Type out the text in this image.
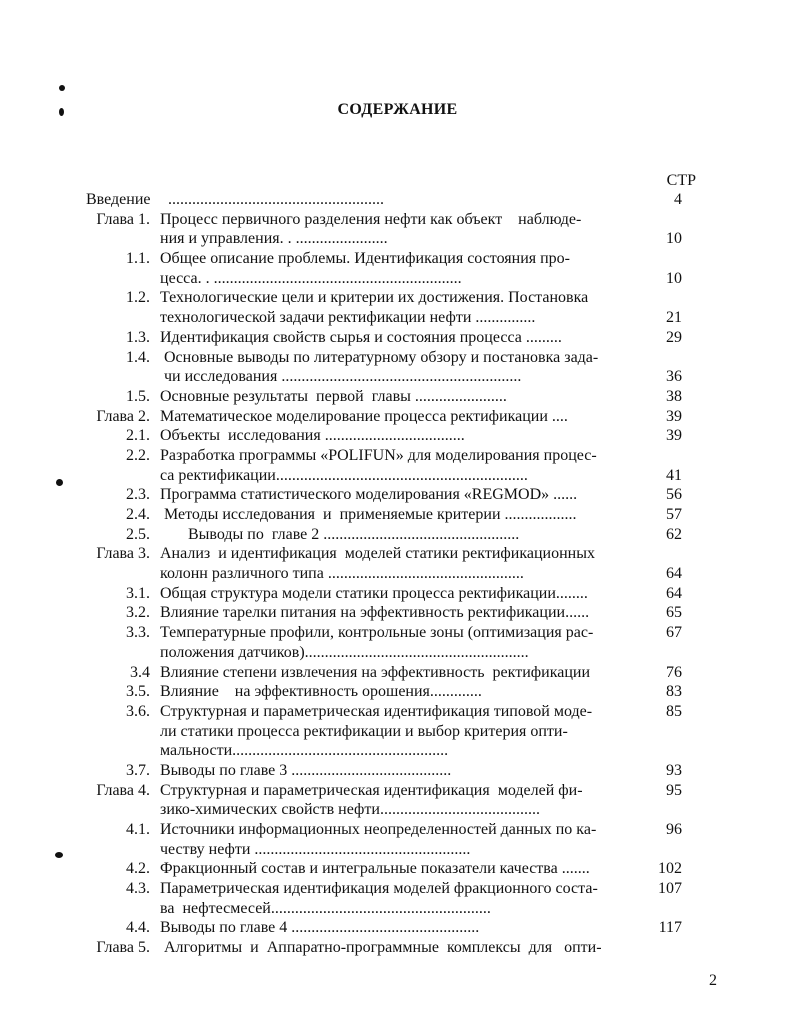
СОДЕРЖАНИЕ
СТР
Введение ......................................................	4
Глава 1. Процесс первичного разделения нефти как объект    наблюде-
ния и управления. . .......................	10
1.1. Общее описание проблемы. Идентификация состояния про-
цесса. . ..............................................................	10
1.2. Технологические цели и критерии их достижения. Постановка
технологической задачи ректификации нефти ...............	21
1.3. Идентификация свойств сырья и состояния процесса .........	29
1.4. Основные выводы по литературному обзору и постановка зада-
чи исследования ............................................................	36
1.5. Основные результаты  первой  главы .......................	38
Глава 2. Математическое моделирование процесса ректификации ....	39
2.1. Объекты  исследования ...................................	39
2.2. Разработка программы «POLIFUN» для моделирования процес-
са ректификации...............................................................	41
2.3. Программа статистического моделирования «REGMOD» ......	56
2.4. Методы исследования  и  применяемые критерии ..................	57
2.5. Выводы по  главе 2 .................................................	62
Глава 3. Анализ  и идентификация  моделей статики ректификационных
колонн различного типа .................................................	64
3.1. Общая структура модели статики процесса ректификации........	64
3.2. Влияние тарелки питания на эффективность ректификации......	65
3.3. Температурные профили, контрольные зоны (оптимизация рас-	67
положения датчиков)........................................................
3.4 Влияние степени извлечения на эффективность  ректификации	76
3.5. Влияние    на эффективность орошения.............	83
3.6. Структурная и параметрическая идентификация типовой моде-	85
ли статики процесса ректификации и выбор критерия опти-
мальности......................................................
3.7. Выводы по главе 3 ........................................	93
Глава 4. Структурная и параметрическая идентификация  моделей фи-	95
зико-химических свойств нефти........................................
4.1. Источники информационных неопределенностей данных по ка-	96
честву нефти ......................................................
4.2. Фракционный состав и интегральные показатели качества .......	102
4.3. Параметрическая идентификация моделей фракционного соста-	107
ва  нефтесмесей.......................................................
4.4. Выводы по главе 4 ...............................................	117
Глава 5. Алгоритмы  и  Аппаратно-программные  комплексы  для   опти-
2
